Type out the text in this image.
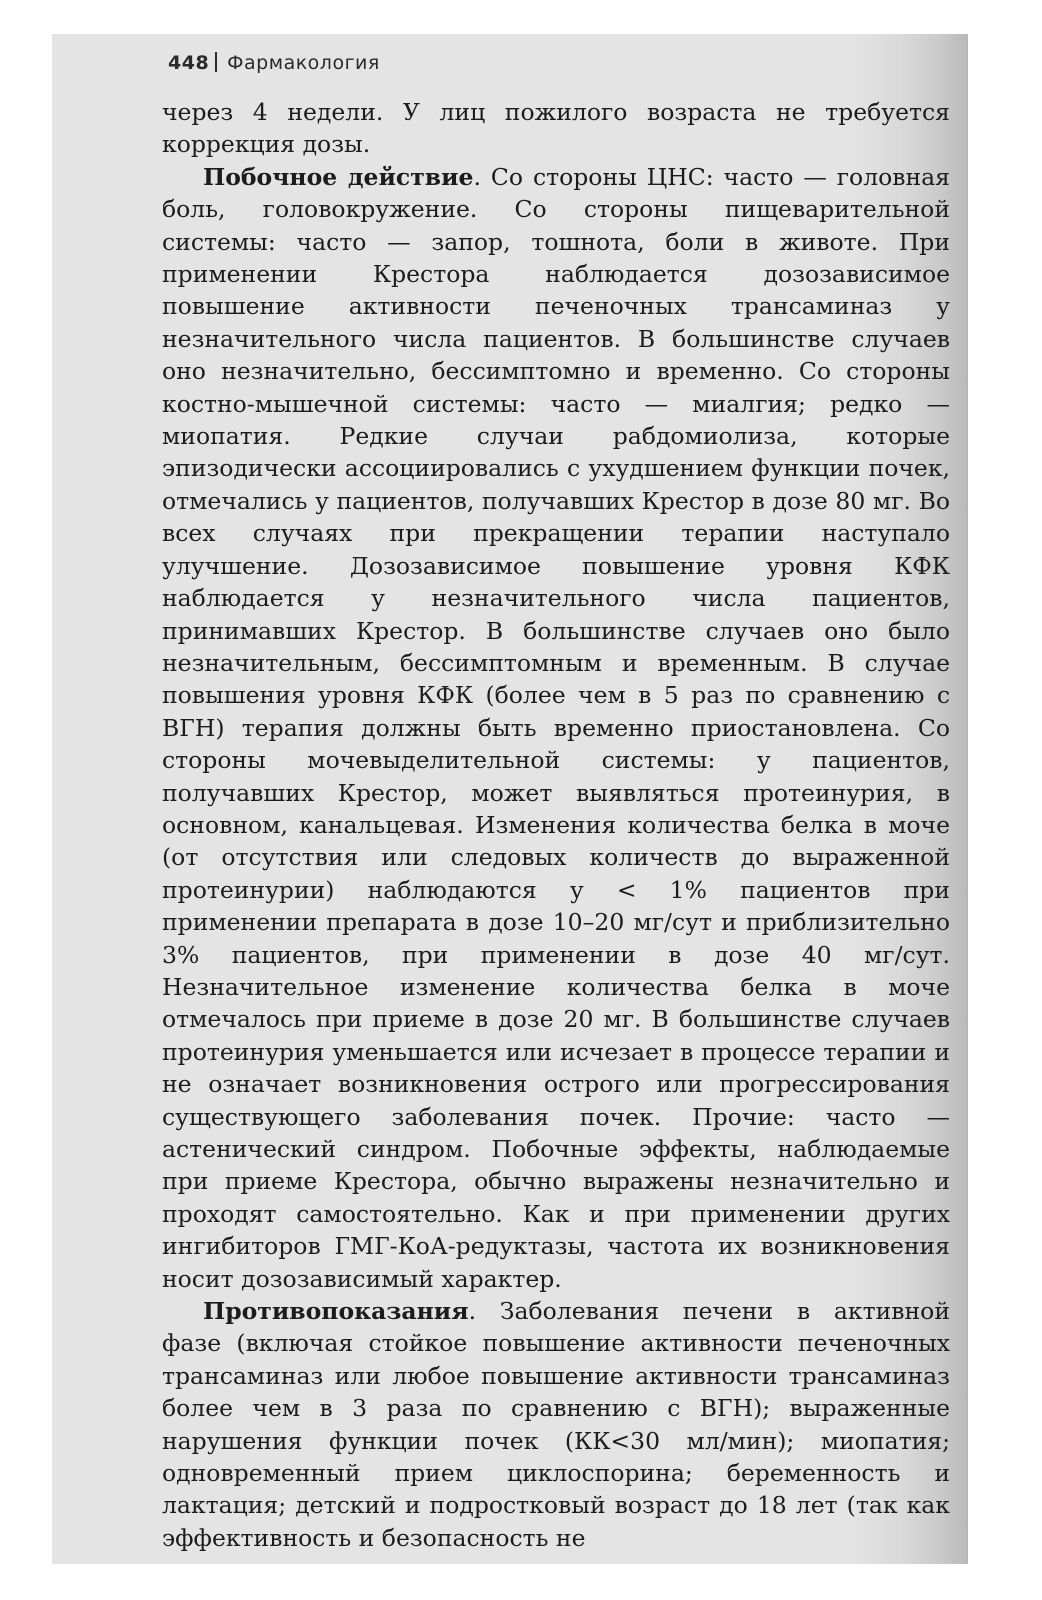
448 Фармакология

через 4 недели. У лиц пожилого возраста не требуется коррекция дозы.

Побочное действие. Со стороны ЦНС: часто — головная боль, головокружение. Со стороны пищеварительной системы: часто — запор, тошнота, боли в животе. При применении Крестора наблюдается дозозависимое повышение активности печеночных трансаминаз у незначительного числа пациентов. В большинстве случаев оно незначительно, бессимптомно и временно. Со стороны костно-мышечной системы: часто — миалгия; редко — миопатия. Редкие случаи рабдомиолиза, которые эпизодически ассоциировались с ухудшением функции почек, отмечались у пациентов, получавших Крестор в дозе 80 мг. Во всех случаях при прекращении терапии наступало улучшение. Дозозависимое повышение уровня КФК наблюдается у незначительного числа пациентов, принимавших Крестор. В большинстве случаев оно было незначительным, бессимптомным и временным. В случае повышения уровня КФК (более чем в 5 раз по сравнению с ВГН) терапия должны быть временно приостановлена. Со стороны мочевыделительной системы: у пациентов, получавших Крестор, может выявляться протеинурия, в основном, канальцевая. Изменения количества белка в моче (от отсутствия или следовых количеств до выраженной протеинурии) наблюдаются у < 1% пациентов при применении препарата в дозе 10–20 мг/сут и приблизительно 3% пациентов, при применении в дозе 40 мг/сут. Незначительное изменение количества белка в моче отмечалось при приеме в дозе 20 мг. В большинстве случаев протеинурия уменьшается или исчезает в процессе терапии и не означает возникновения острого или прогрессирования существующего заболевания почек. Прочие: часто — астенический синдром. Побочные эффекты, наблюдаемые при приеме Крестора, обычно выражены незначительно и проходят самостоятельно. Как и при применении других ингибиторов ГМГ-КоА-редуктазы, частота их возникновения носит дозозависимый характер.

Противопоказания. Заболевания печени в активной фазе (включая стойкое повышение активности печеночных трансаминаз или любое повышение активности трансаминаз более чем в 3 раза по сравнению с ВГН); выраженные нарушения функции почек (КК<30 мл/мин); миопатия; одновременный прием циклоспорина; беременность и лактация; детский и подростковый возраст до 18 лет (так как эффективность и безопасность не
